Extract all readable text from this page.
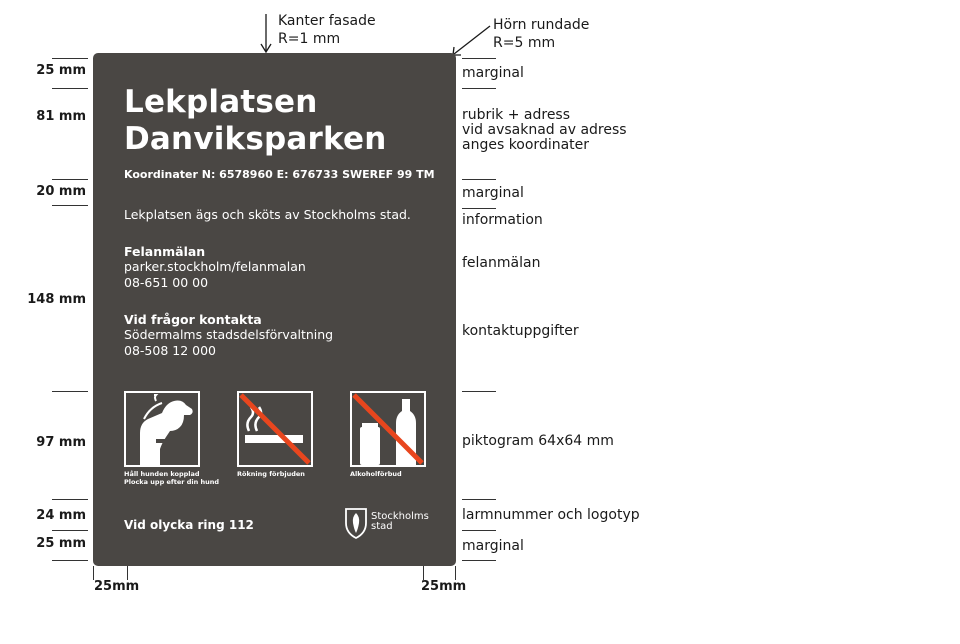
Kanter fasade
R=1 mm
Hörn rundade
R=5 mm
Lekplatsen
Danviksparken
Koordinater N: 6578960 E: 676733 SWEREF 99 TM
Lekplatsen ägs och sköts av Stockholms stad.
Felanmälan
parker.stockholm/felanmalan
08-651 00 00
Vid frågor kontakta
Södermalms stadsdelsförvaltning
08-508 12 000
Håll hunden kopplad
Plocka upp efter din hund
Rökning förbjuden	Alkoholförbud
Vid olycka ring 112
Stockholms
stad
25 mm
81 mm
20 mm
148 mm
97 mm
24 mm
25 mm
marginal
rubrik + adress
vid avsaknad av adress
anges koordinater
marginal
information
felanmälan
kontaktuppgifter
piktogram 64x64 mm
larmnummer och logotyp
marginal
25mm	25mm
